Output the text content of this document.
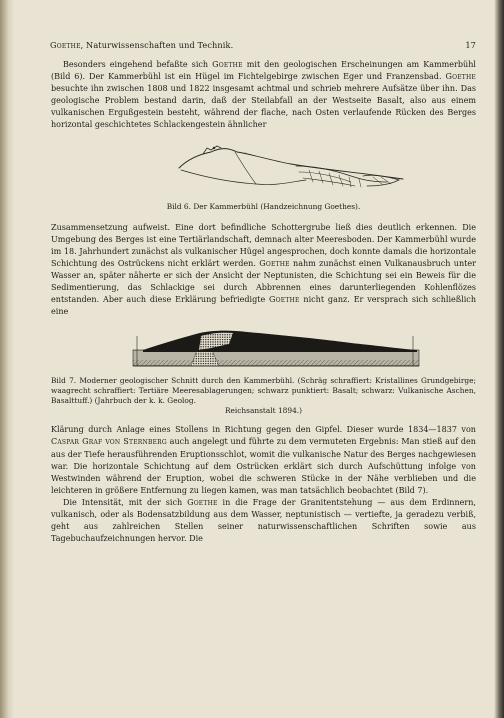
Goethe, Naturwissenschaften und Technik.	17

Besonders eingehend befaßte sich Goethe mit den geologischen Erscheinungen am Kammerbühl (Bild 6). Der Kammerbühl ist ein Hügel im Fichtelgebirge zwischen Eger und Franzensbad. Goethe besuchte ihn zwischen 1808 und 1822 insgesamt achtmal und schrieb mehrere Aufsätze über ihn. Das geologische Problem bestand darin, daß der Steilabfall an der Westseite Basalt, also aus einem vulkanischen Ergußgestein besteht, während der flache, nach Osten verlaufende Rücken des Berges horizontal geschichtetes Schlackengestein ähnlicher

˜˜
Bild 6. Der Kammerbühl (Handzeichnung Goethes).

Zusammensetzung aufweist. Eine dort befindliche Schottergrube ließ dies deutlich erkennen. Die Umgebung des Berges ist eine Tertiärlandschaft, demnach alter Meeresboden. Der Kammerbühl wurde im 18. Jahrhundert zunächst als vulkanischer Hügel angesprochen, doch konnte damals die horizontale Schichtung des Ostrückens nicht erklärt werden. Goethe nahm zunächst einen Vulkanausbruch unter Wasser an, später näherte er sich der Ansicht der Neptunisten, die Schichtung sei ein Beweis für die Sedimentierung, das Schlackige sei durch Abbrennen eines darunterliegenden Kohlenflözes entstanden. Aber auch diese Erklärung befriedigte Goethe nicht ganz. Er versprach sich schließlich eine

Bild 7. Moderner geologischer Schnitt durch den Kammerbühl. (Schräg schraffiert: Kristallines Grundgebirge; waagrecht schraffiert: Tertiäre Meeresablagerungen; schwarz punktiert: Basalt; schwarz: Vulkanische Aschen, Basalttuff.) (Jahrbuch der k. k. Geolog.
Reichsanstalt 1894.)

Klärung durch Anlage eines Stollens in Richtung gegen den Gipfel. Dieser wurde 1834—1837 von Caspar Graf von Sternberg auch angelegt und führte zu dem vermuteten Ergebnis: Man stieß auf den aus der Tiefe herausführenden Eruptionsschlot, womit die vulkanische Natur des Berges nachgewiesen war. Die horizontale Schichtung auf dem Ostrücken erklärt sich durch Aufschüttung infolge von Westwinden während der Eruption, wobei die schweren Stücke in der Nähe verblieben und die leichteren in größere Entfernung zu liegen kamen, was man tatsächlich beobachtet (Bild 7).

Die Intensität, mit der sich Goethe in die Frage der Granitentstehung — aus dem Erdinnern, vulkanisch, oder als Bodensatzbildung aus dem Wasser, neptunistisch — vertiefte, ja geradezu verbiß, geht aus zahlreichen Stellen seiner naturwissenschaftlichen Schriften sowie aus Tagebuchaufzeichnungen hervor. Die
